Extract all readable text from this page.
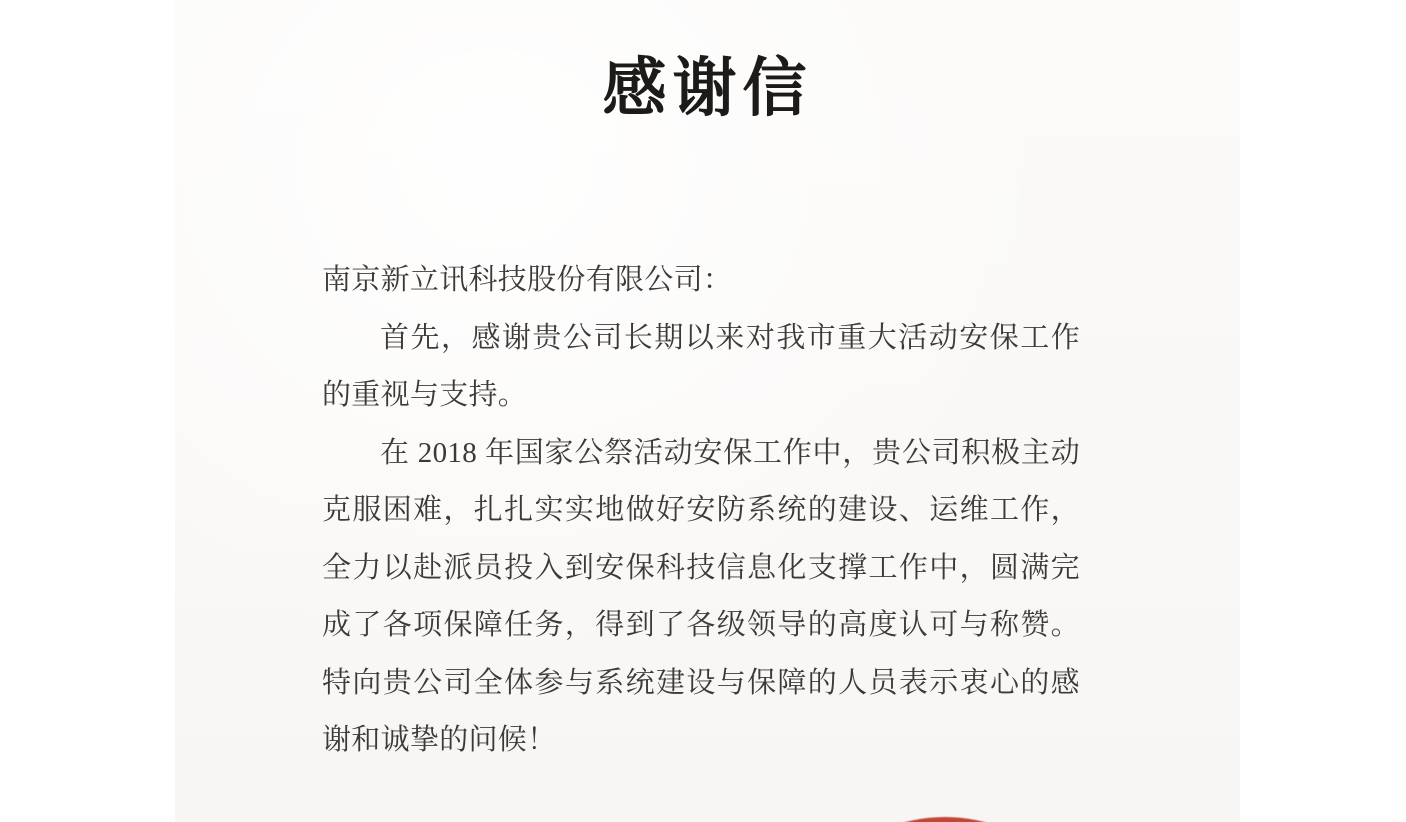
感谢信

南京新立讯科技股份有限公司：

首先，感谢贵公司长期以来对我市重大活动安保工作的重视与支持。

在 2018 年国家公祭活动安保工作中，贵公司积极主动克服困难，扎扎实实地做好安防系统的建设、运维工作，全力以赴派员投入到安保科技信息化支撑工作中，圆满完成了各项保障任务，得到了各级领导的高度认可与称赞。特向贵公司全体参与系统建设与保障的人员表示衷心的感谢和诚挚的问候！
